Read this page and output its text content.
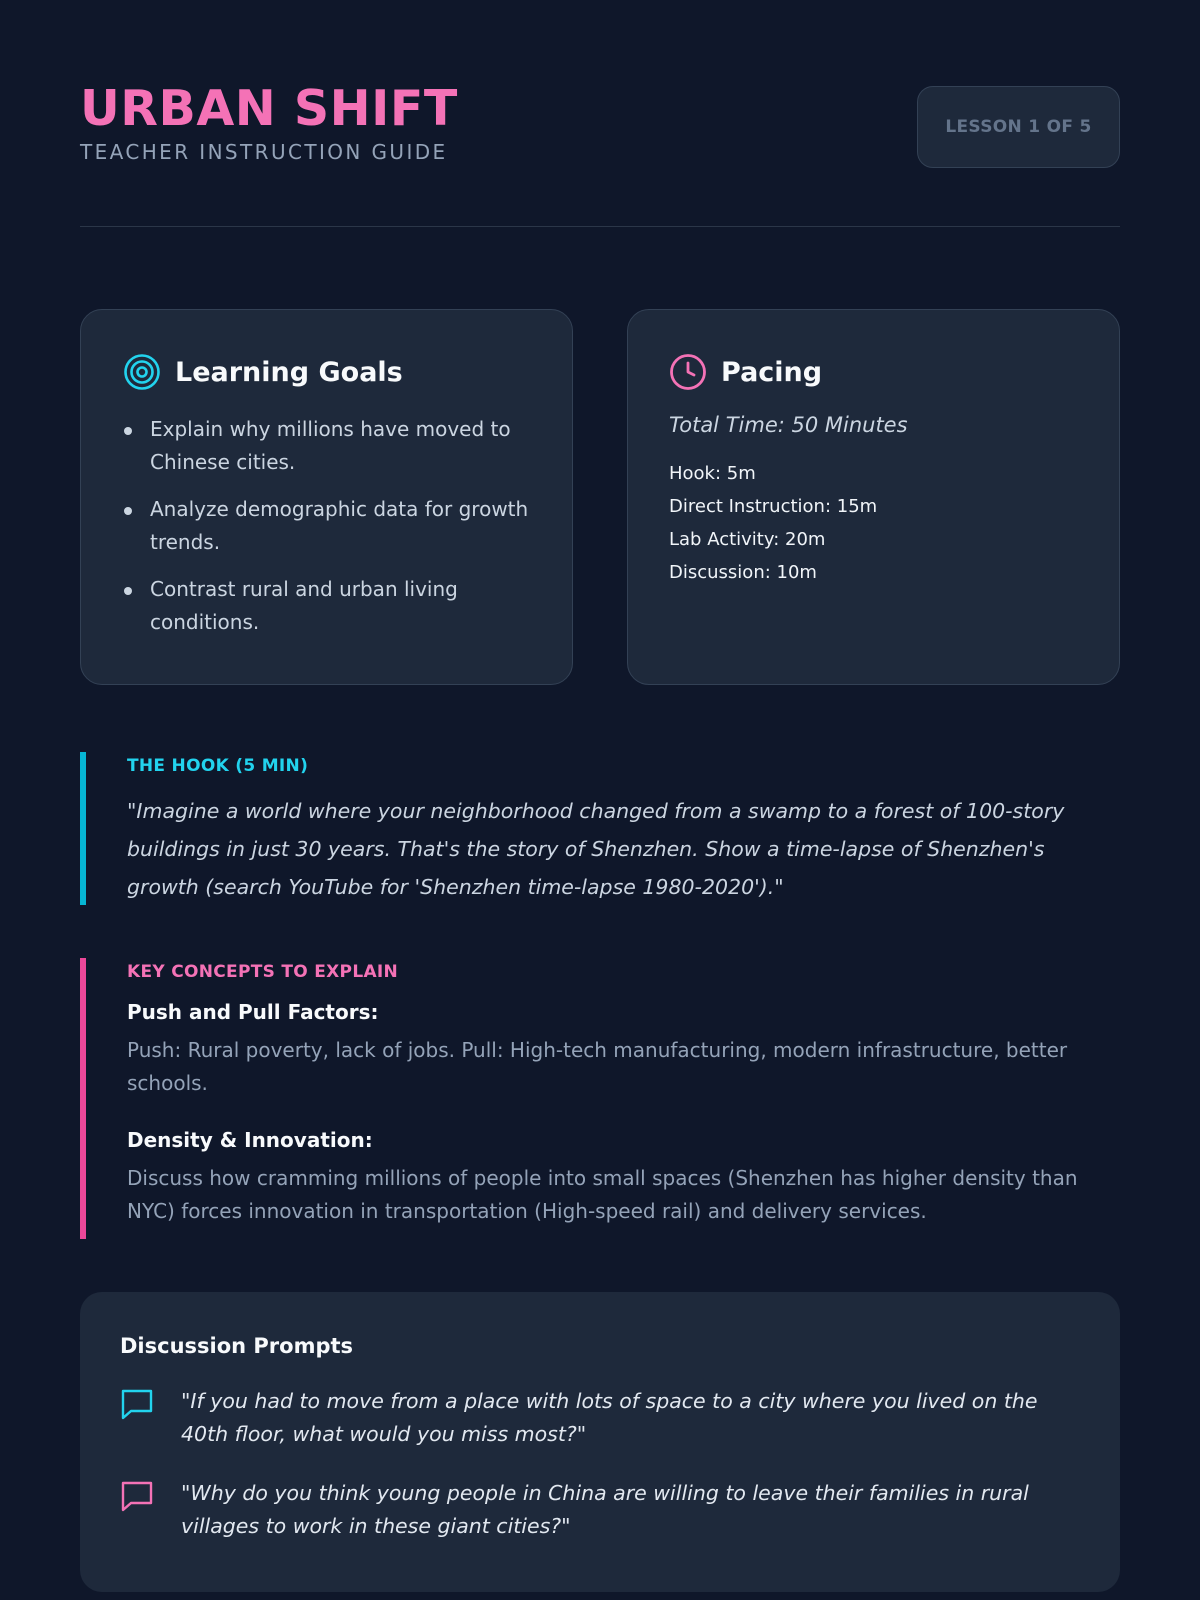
URBAN SHIFT
TEACHER INSTRUCTION GUIDE
LESSON 1 OF 5
Learning Goals
Explain why millions have moved to Chinese cities.
Analyze demographic data for growth trends.
Contrast rural and urban living conditions.
Pacing
Total Time: 50 Minutes
Hook: 5m
Direct Instruction: 15m
Lab Activity: 20m
Discussion: 10m
THE HOOK (5 MIN)

"Imagine a world where your neighborhood changed from a swamp to a forest of 100-story buildings in just 30 years. That's the story of Shenzhen. Show a time-lapse of Shenzhen's growth (search YouTube for 'Shenzhen time-lapse 1980-2020')."

KEY CONCEPTS TO EXPLAIN
Push and Pull Factors:

Push: Rural poverty, lack of jobs. Pull: High-tech manufacturing, modern infrastructure, better schools.

Density & Innovation:

Discuss how cramming millions of people into small spaces (Shenzhen has higher density than NYC) forces innovation in transportation (High-speed rail) and delivery services.

Discussion Prompts

"If you had to move from a place with lots of space to a city where you lived on the 40th floor, what would you miss most?"

"Why do you think young people in China are willing to leave their families in rural villages to work in these giant cities?"
